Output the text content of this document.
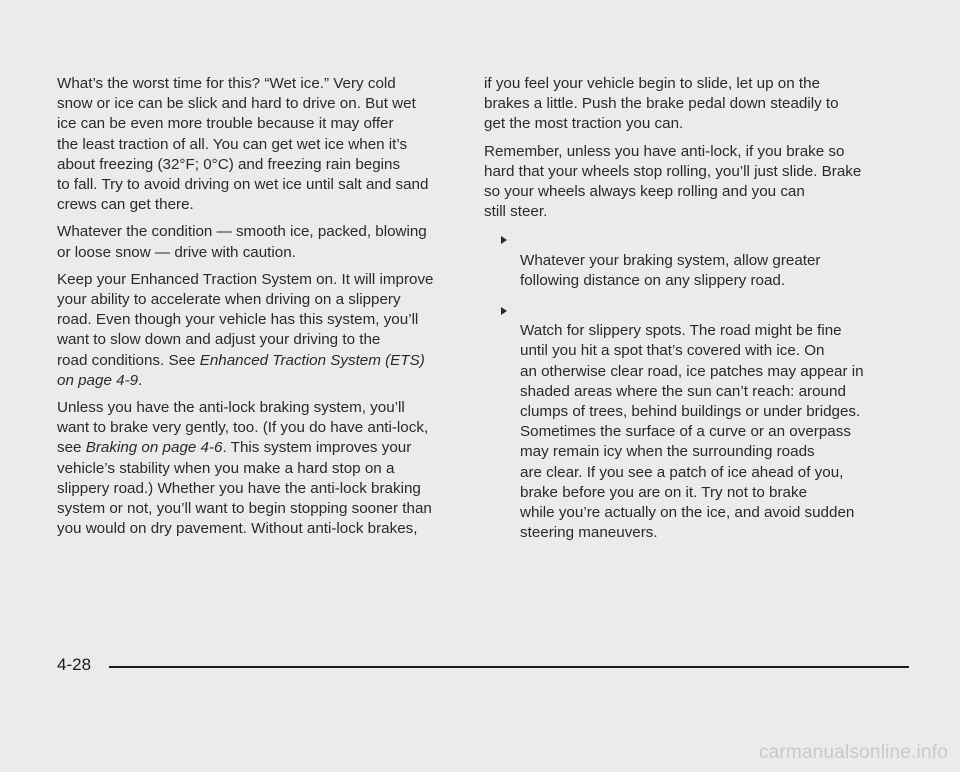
What’s the worst time for this? “Wet ice.” Very cold
snow or ice can be slick and hard to drive on. But wet
ice can be even more trouble because it may offer
the least traction of all. You can get wet ice when it’s
about freezing (32°F; 0°C) and freezing rain begins
to fall. Try to avoid driving on wet ice until salt and sand
crews can get there.

Whatever the condition — smooth ice, packed, blowing
or loose snow — drive with caution.

Keep your Enhanced Traction System on. It will improve
your ability to accelerate when driving on a slippery
road. Even though your vehicle has this system, you’ll
want to slow down and adjust your driving to the
road conditions. See Enhanced Traction System (ETS)
on page 4-9.

Unless you have the anti-lock braking system, you’ll
want to brake very gently, too. (If you do have anti-lock,
see Braking on page 4-6. This system improves your
vehicle’s stability when you make a hard stop on a
slippery road.) Whether you have the anti-lock braking
system or not, you’ll want to begin stopping sooner than
you would on dry pavement. Without anti-lock brakes,

if you feel your vehicle begin to slide, let up on the
brakes a little. Push the brake pedal down steadily to
get the most traction you can.

Remember, unless you have anti-lock, if you brake so
hard that your wheels stop rolling, you’ll just slide. Brake
so your wheels always keep rolling and you can
still steer.

Whatever your braking system, allow greater
following distance on any slippery road.

Watch for slippery spots. The road might be fine
until you hit a spot that’s covered with ice. On
an otherwise clear road, ice patches may appear in
shaded areas where the sun can’t reach: around
clumps of trees, behind buildings or under bridges.
Sometimes the surface of a curve or an overpass
may remain icy when the surrounding roads
are clear. If you see a patch of ice ahead of you,
brake before you are on it. Try not to brake
while you’re actually on the ice, and avoid sudden
steering maneuvers.

4-28
carmanualsonline.info
